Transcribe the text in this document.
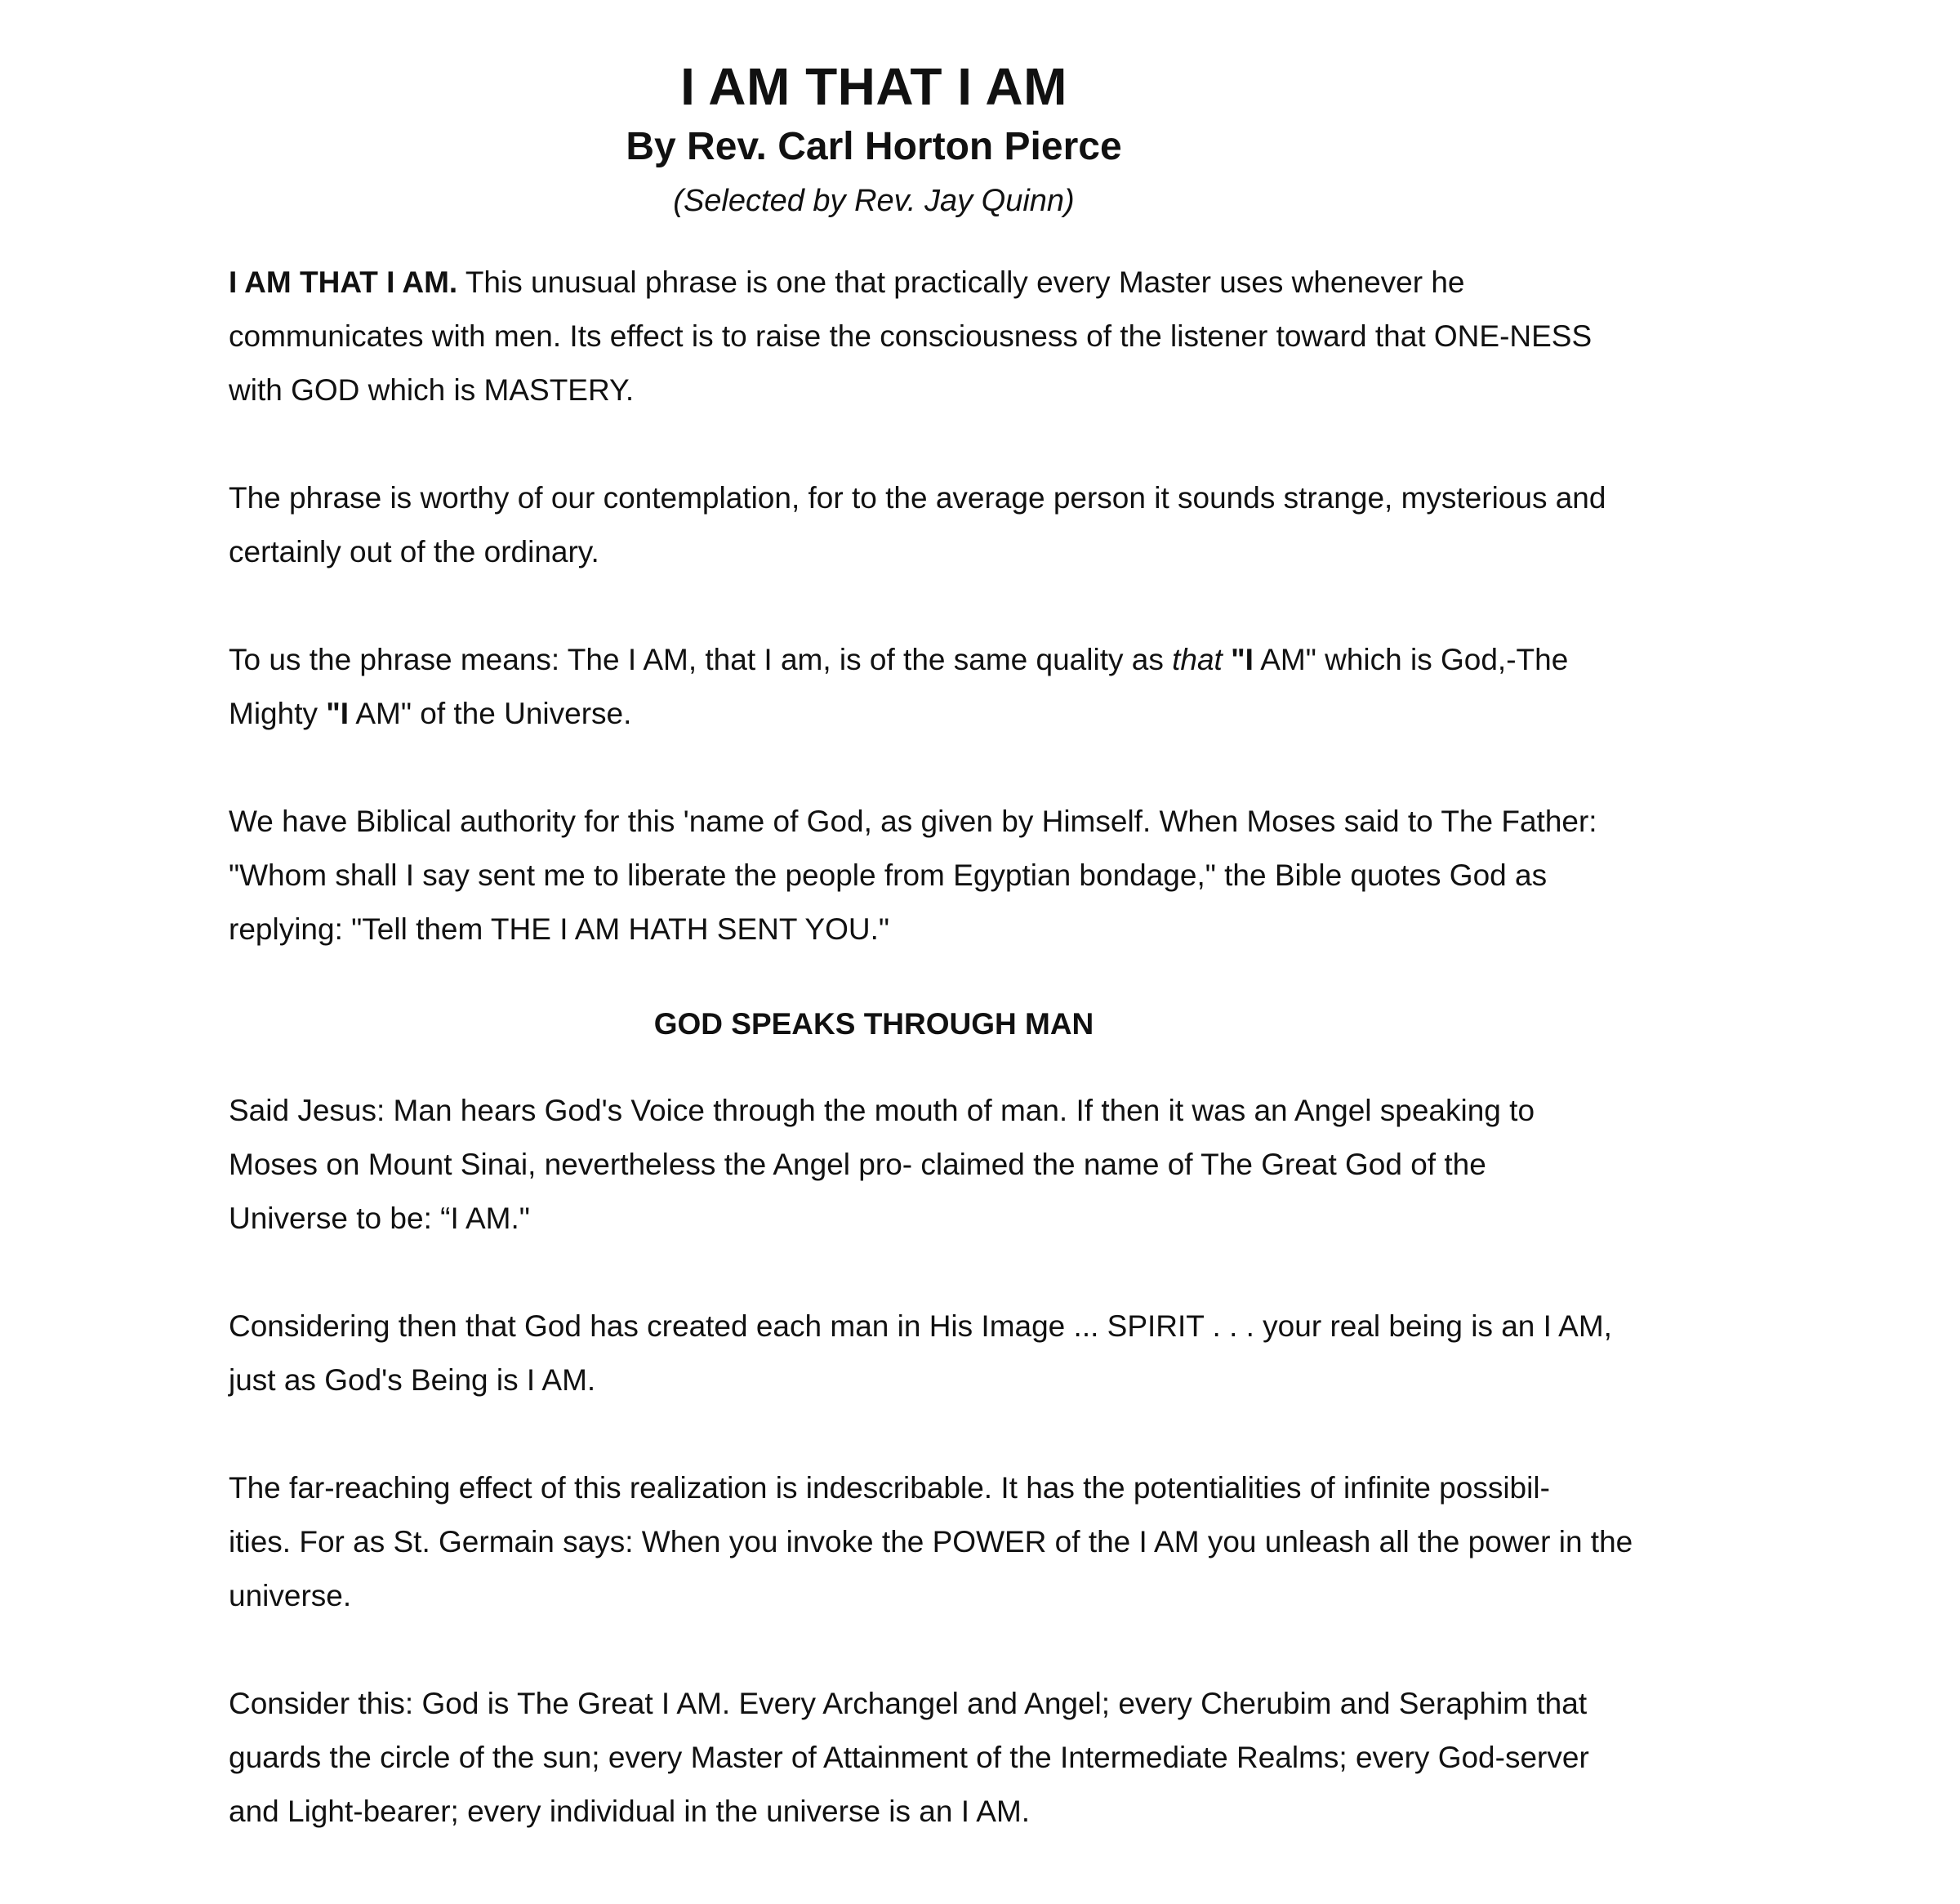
I AM THAT I AM
By Rev. Carl Horton Pierce
(Selected by Rev. Jay Quinn)

I AM THAT I AM. This unusual phrase is one that practically every Master uses whenever he
communicates with men. Its effect is to raise the consciousness of the listener toward that ONE-NESS
with GOD which is MASTERY.

The phrase is worthy of our contemplation, for to the average person it sounds strange, mysterious and
certainly out of the ordinary.

To us the phrase means: The I AM, that I am, is of the same quality as that "I AM" which is God,-The
Mighty "I AM" of the Universe.

We have Biblical authority for this 'name of God, as given by Himself. When Moses said to The Father:
"Whom shall I say sent me to liberate the people from Egyptian bondage," the Bible quotes God as
replying: "Tell them THE I AM HATH SENT YOU."

GOD SPEAKS THROUGH MAN

Said Jesus: Man hears God's Voice through the mouth of man. If then it was an Angel speaking to
Moses on Mount Sinai, nevertheless the Angel pro- claimed the name of The Great God of the
Universe to be: “I AM."

Considering then that God has created each man in His Image ... SPIRIT . . . your real being is an I AM,
just as God's Being is I AM.

The far-reaching effect of this realization is indescribable. It has the potentialities of infinite possibil-
ities. For as St. Germain says: When you invoke the POWER of the I AM you unleash all the power in the
universe.

Consider this: God is The Great I AM. Every Archangel and Angel; every Cherubim and Seraphim that
guards the circle of the sun; every Master of Attainment of the Intermediate Realms; every God-server
and Light-bearer; every individual in the universe is an I AM.
